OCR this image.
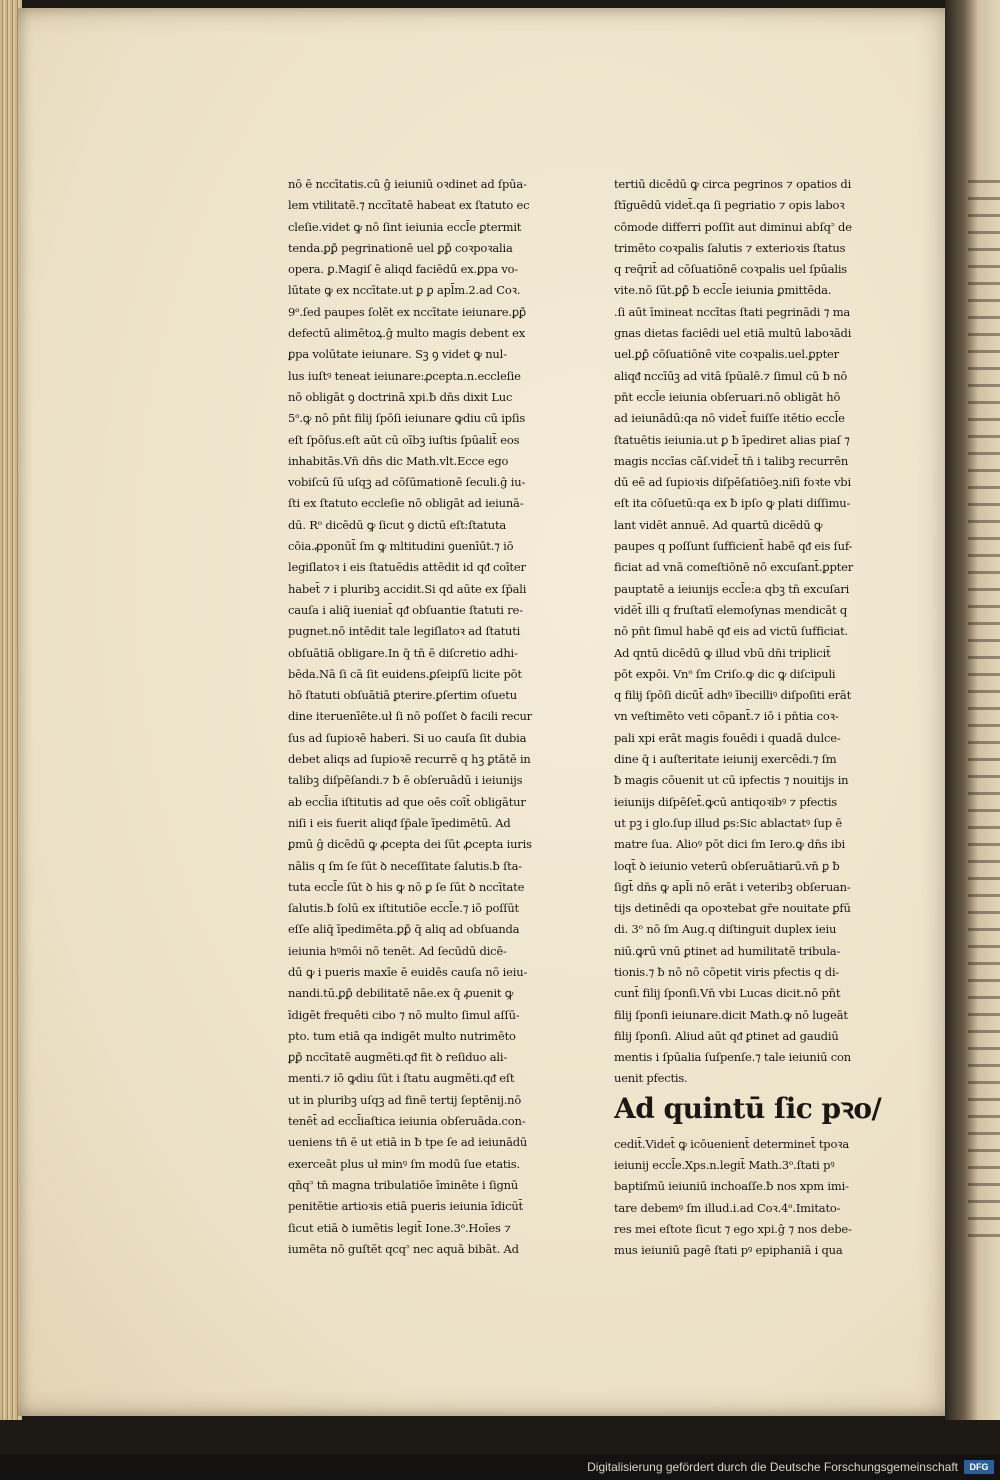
nō ē nccītatis.cū ĝ ieiuniū oꝛdinet ad ſpūa-
lem vtilitatē.⁊ nccītatē habeat ex ſtatuto ec
cleſie.videt ꝙ nō ſint ieiunia eccl̄e ꝑtermit
tenda.ꝑꝑ̄ pegrinationē uel ꝑꝑ̄ coꝛpoꝛalia
opera. ꝑ.Magiſ ē aliqd faciēdū ex.ꝑpa vo-
lūtate ꝙ ex nccītate.ut ꝑ ꝑ apl̄m.2.ad Coꝛ.
9ᵒ.ſed paupes ſolēt ex nccītate ieiunare.ꝑꝑ̄
defectū alimētoꝝ.ĝ multo magis debent ex
ꝑpa volūtate ieiunare. Sꝫ ꝯ videt ꝙ nul-
lus iuſtꝰ teneat ieiunare:ꝓcepta.n.eccleſie
nō obligāt ꝯ doctrinā xpi.ƀ dn̄s dixit Luc
5ᵒ.ꝙ nō pn̄t filij ſpōſi ieiunare ꝙdiu cū ipſis
eſt ſpōſus.eſt aūt cū oībꝫ iuſtis ſpūalit̄ eos
inhabitās.Vn̄ dn̄s dic Math.vlt.Ecce ego
vobiſcū ſū uſqꝫ ad cōſūmationē ſeculi.ĝ iu-
ſti ex ſtatuto eccleſie nō obligāt ad ieiunā-
dū. Rᵒ dicēdū ꝙ ſicut ꝯ dictū eſt:ſtatuta
cōia.ꝓponūt̄ ſm ꝙ mltitudini ꝯuenīūt.⁊ iō
legiſlatoꝛ i eis ſtatuēdis attēdit id qᵭ coīter
habet̄ ⁊ i pluribꝫ accidit.Si qd aūte ex ſp̄ali
cauſa i aliq̄ iueniat̄ qᵭ obſuantie ſtatuti re-
pugnet.nō intēdit tale legiſlatoꝛ ad ſtatuti
obſuātiā obligare.In q̄ tn̄ ē diſcretio adhi-
bēda.Nā ſi cā ſit euidens.ꝑſeipſū licite pōt
hō ſtatuti obſuātiā ꝑterire.ꝑſertim oſuetu
dine iteruenīēte.uł ſi nō poſſet ꝺ facili recur
ſus ad ſupioꝛē haberi. Si uo cauſa ſit dubia
debet aliqs ad ſupioꝛē recurrē q hꝫ ꝑtātē in
talibꝫ diſpēſandi.⁊ ƀ ē obſeruādū i ieiunijs
ab eccl̄ia iſtitutis ad que oēs coīt̄ obligātur
niſi i eis fuerit aliqᵭ ſp̄ale īpedimētū. Ad
ꝑmū ĝ dicēdū ꝙ ꝓcepta dei ſūt ꝓcepta iuris
nālis q ſm ſe ſūt ꝺ neceſſitate ſalutis.ƀ ſta-
tuta eccl̄e ſūt ꝺ his ꝙ nō ꝑ ſe ſūt ꝺ nccītate
ſalutis.ƀ ſolū ex iſtitutiōe eccl̄e.⁊ iō poſſūt
eſſe aliq̄ īpedimēta.ꝑꝑ̄ q̄ aliq ad obſuanda
ieiunia hꝰmōi nō tenēt. Ad ſecūdū dicē-
dū ꝙ i pueris maxīe ē euidēs cauſa nō ieiu-
nandi.tū.ꝑꝑ̄ debilitatē nāe.ex q̄ ꝓuenit ꝙ
īdigēt frequēti cibo ⁊ nō multo ſimul aſſū-
pto. tum etiā qa indigēt multo nutrimēto
ꝑꝑ̄ nccītatē augmēti.qᵭ fit ꝺ reſiduo ali-
menti.⁊ iō ꝙdiu ſūt i ſtatu augmēti.qᵭ eſt
ut in pluribꝫ uſqꝫ ad finē tertij ſeptēnij.nō
tenēt̄ ad eccl̄iaſtica ieiunia obſeruāda.con-
ueniens tn̄ ē ut etiā in ƀ tpe ſe ad ieiunādū
exerceāt plus uł minꝰ ſm modū ſue etatis.
qn̄q꜄ tn̄ magna tribulatiōe īminēte i ſignū
penitētie artioꝛis etiā pueris ieiunia īdicūt̄
ſicut etiā ꝺ iumētis legit̄ Ione.3ᵒ.Hoīes ⁊
iumēta nō guſtēt qcq꜄ nec aquā bibāt. Ad
tertiū dicēdū ꝙ circa pegrinos ⁊ opatios di
ſtīguēdū videt̄.qa ſi pegriatio ⁊ opis laboꝛ
cōmode differri poſſit aut diminui abſq꜄ de
trimēto coꝛpalis ſalutis ⁊ exterioꝛis ſtatus
q req̄rit̄ ad cōſuatiōnē coꝛpalis uel ſpūalis
vite.nō ſūt.ꝑꝑ̄ ƀ eccl̄e ieiunia ꝑmittēda.
.ſi aūt īmineat nccītas ſtati pegrinādi ⁊ ma
gnas dietas faciēdi uel etiā multū laboꝛādi
uel.ꝑꝑ̄ cōſuatiōnē vite coꝛpalis.uel.ꝑpter
aliqᵭ nccīūꝫ ad vitā ſpūalē.⁊ ſimul cū ƀ nō
pn̄t eccl̄e ieiunia obſeruari.nō obligāt hō
ad ieiunādū:qa nō videt̄ fuiſſe itētio eccl̄e
ſtatuētis ieiunia.ut ꝑ ƀ īpediret alias piaſ ⁊
magis nccīas cāſ.videt̄ tn̄ i talibꝫ recurrēn
dū eē ad ſupioꝛis diſpēſatiōeꝫ.niſi foꝛte vbi
eſt ita cōſuetū:qa ex ƀ ipſo ꝙ plati diſſimu-
lant vidēt annuē. Ad quartū dicēdū ꝙ
paupes q poſſunt ſufficient̄ habē qᵭ eis ſuf-
ficiat ad vnā comeſtiōnē nō excuſant̄.ꝑpter
pauptatē a ieiunijs eccl̄e:a qbꝫ tn̄ excuſari
vidēt̄ illi q fruſtatī elemoſynas mendicāt q
nō pn̄t ſimul habē qᵭ eis ad victū ſufficiat.
Ad qntū dicēdū ꝙ illud vbū dn̄i triplicit̄
pōt expōi. Vnᵒ ſm Criſo.ꝙ dic ꝙ diſcipuli
q filij ſpōſi dicūt̄ adhꝰ ībecilliꝰ diſpoſiti erāt
vn veſtimēto veti cōpant̄.⁊ iō i pn̄tia coꝛ-
pali xpi erāt magis fouēdi i quadā dulce-
dine q̄ i auſteritate ieiunij exercēdi.⁊ ſm
ƀ magis cōuenit ut cū ipfectis ⁊ nouitijs in
ieiunijs diſpēſet̄.ꝙcū antiqoꝛibꝰ ⁊ pfectis
ut pꝫ i glo.ſup illud ꝑs:Sic ablactatꝰ ſup ē
matre ſua. Alioꝰ pōt dici ſm Iero.ꝙ dn̄s ibi
loqt̄ ꝺ ieiunio veterū obſeruātiarū.vn̄ ꝑ ƀ
ſigt̄ dn̄s ꝙ apl̄i nō erāt i veteribꝫ obſeruan-
tijs detinēdi qa opoꝛtebat gr̄e nouitate ꝑfū
di. 3ᵒ nō ſm Aug.q diſtinguit duplex ieiu
niū.ꝙrū vnū ꝑtinet ad humilitatē tribula-
tionis.⁊ ƀ nō nō cōpetit viris pfectis q di-
cunt̄ filij ſponſi.Vn̄ vbi Lucas dicit.nō pn̄t
filij ſponſi ieiunare.dicit Math.ꝙ nō lugeāt
filij ſponſi. Aliud aūt qᵭ ꝑtinet ad gaudiū
mentis i ſpūalia ſuſpenſe.⁊ tale ieiuniū con
uenit pfectis.
Ad quintū ſic pꝛo/
cedit̄.Videt̄ ꝙ icōuenient̄ determinet̄ tpoꝛa
ieiunij eccl̄e.Xps.n.legit̄ Math.3ᵒ.ſtati pꝰ
baptiſmū ieiuniū inchoaſſe.ƀ nos xpm imi-
tare debemꝰ ſm illud.i.ad Coꝛ.4ᵒ.Imitato-
res mei eſtote ſicut ⁊ ego xpi.ĝ ⁊ nos debe-
mus ieiuniū pagē ſtati pꝰ epiphaniā i qua
Digitalisierung gefördert durch die Deutsche Forschungsgemeinschaft	DFG
